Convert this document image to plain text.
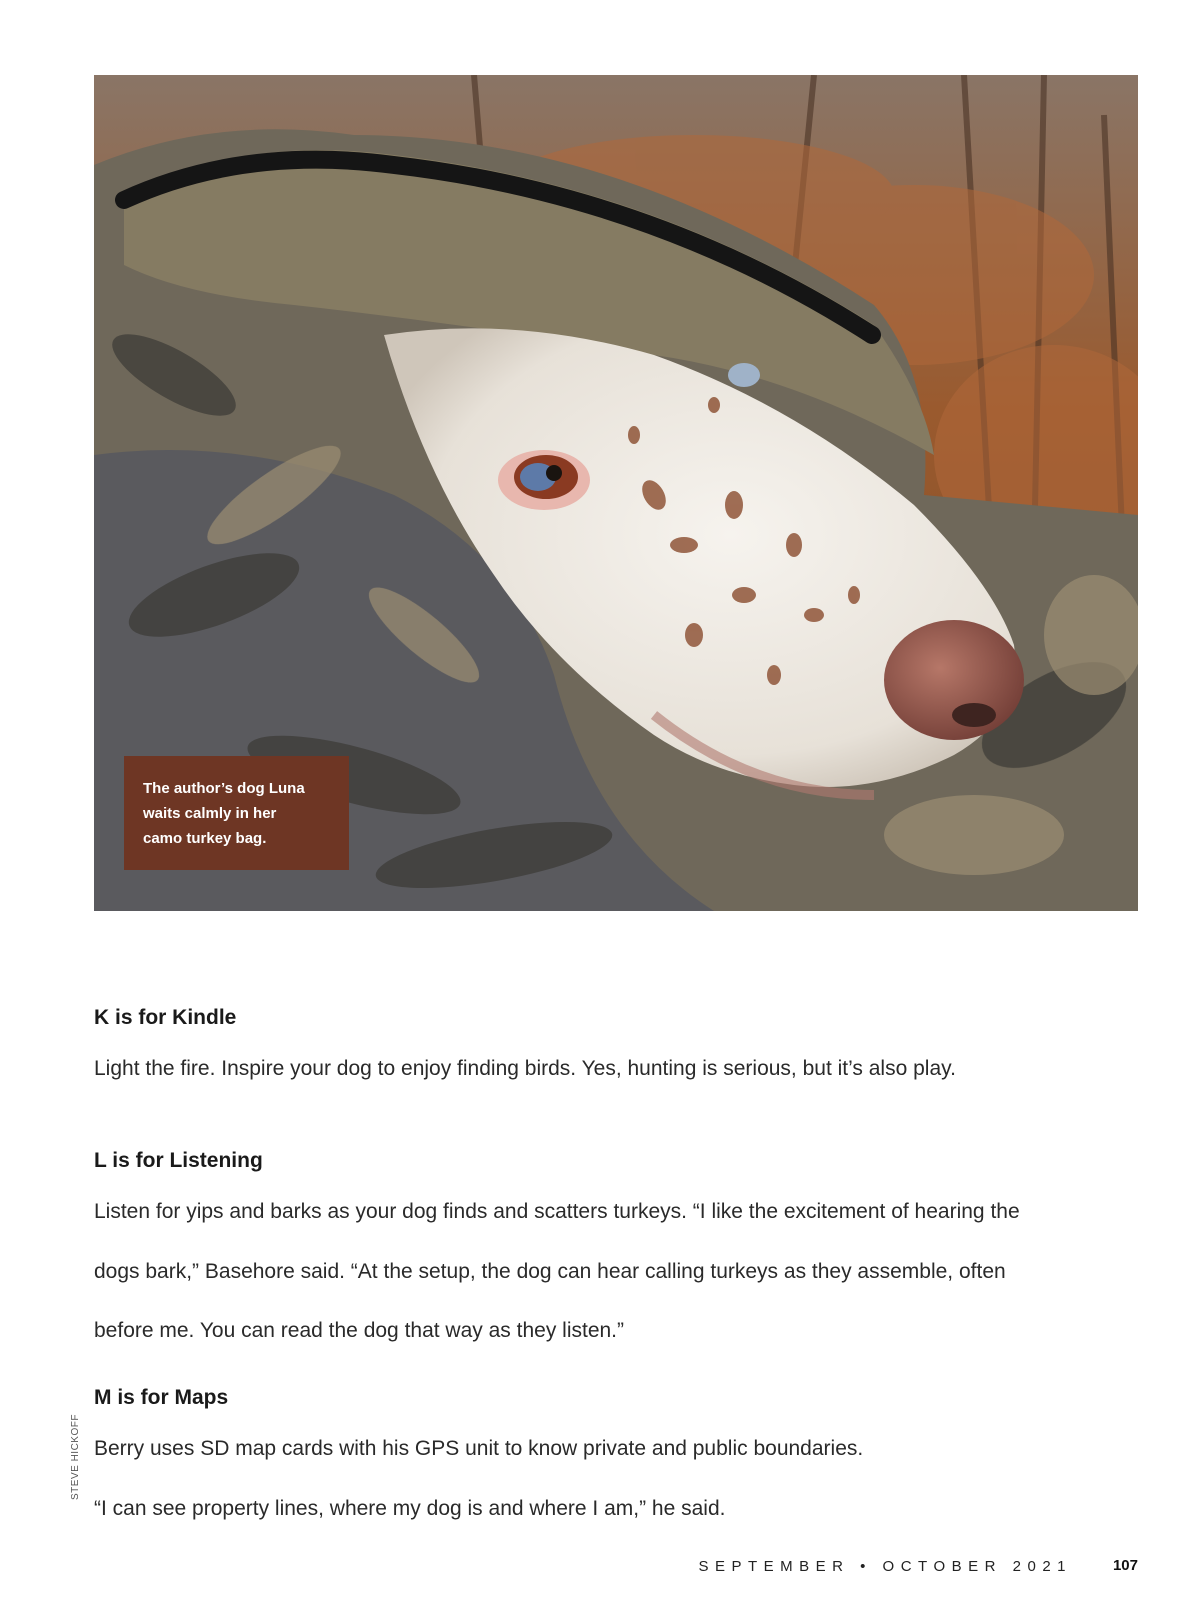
The author’s dog Luna
waits calmly in her
camo turkey bag.
K is for Kindle

Light the fire. Inspire your dog to enjoy finding birds. Yes, hunting is serious, but it’s also play.

L is for Listening

Listen for yips and barks as your dog finds and scatters turkeys. “I like the excitement of hearing the

dogs bark,” Basehore said. “At the setup, the dog can hear calling turkeys as they assemble, often

before me. You can read the dog that way as they listen.”

M is for Maps

Berry uses SD map cards with his GPS unit to know private and public boundaries.

“I can see property lines, where my dog is and where I am,” he said.

STEVE HICKOFF
SEPTEMBER • OCTOBER 2021	107
